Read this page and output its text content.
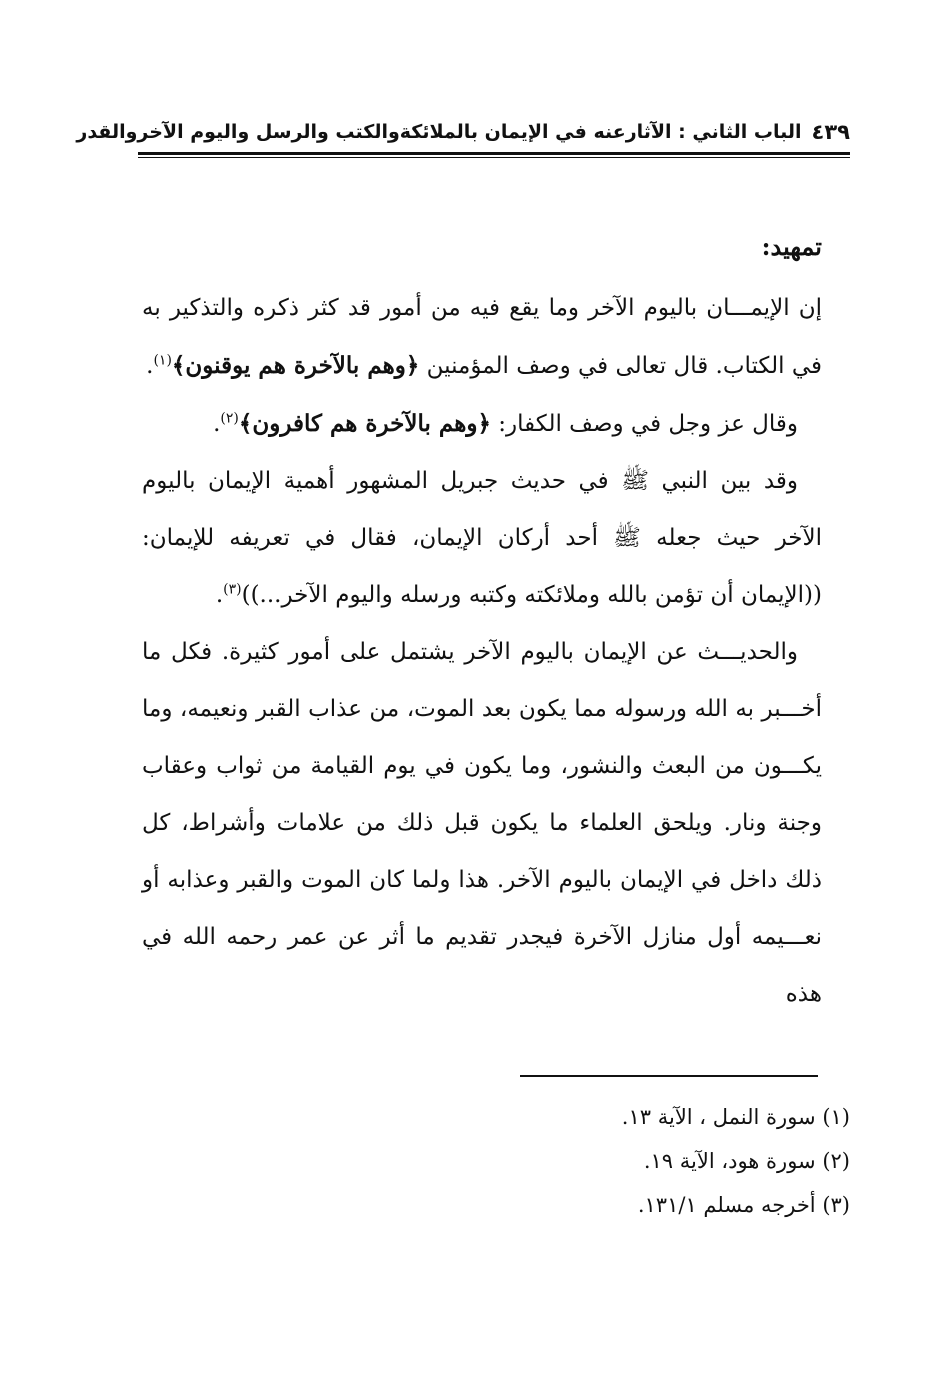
٤٣٩
الباب الثاني : الآثارعنه في الإيمان بالملائكةوالكتب والرسل واليوم الآخروالقدر
تمهيد:

إن الإيمـــان باليوم الآخر وما يقع فيه من أمور قد كثر ذكره والتذكير به في الكتاب. قال تعالى في وصف المؤمنين ﴿وهم بالآخرة هم يوقنون﴾$^{(١)}$.

وقال عز وجل في وصف الكفار: ﴿وهم بالآخرة هم كافرون﴾$^{(٢)}$.

وقد بين النبي ﷺ في حديث جبريل المشهور أهمية الإيمان باليوم الآخر حيث جعله ﷺ أحد أركان الإيمان، فقال في تعريفه للإيمان: ((الإيمان أن تؤمن بالله وملائكته وكتبه ورسله واليوم الآخر...))$^{(٣)}$.

والحديـــث عن الإيمان باليوم الآخر يشتمل على أمور كثيرة. فكل ما أخـــبر به الله ورسوله مما يكون بعد الموت، من عذاب القبر ونعيمه، وما يكـــون من البعث والنشور، وما يكون في يوم القيامة من ثواب وعقاب وجنة ونار. ويلحق العلماء ما يكون قبل ذلك من علامات وأشراط، كل ذلك داخل في الإيمان باليوم الآخر. هذا ولما كان الموت والقبر وعذابه أو نعـــيمه أول منازل الآخرة فيجدر تقديم ما أثر عن عمر رحمه الله في هذه

(١) سورة النمل ، الآية ١٣.
(٢) سورة هود، الآية ١٩.
(٣) أخرجه مسلم ١٣١/١.
